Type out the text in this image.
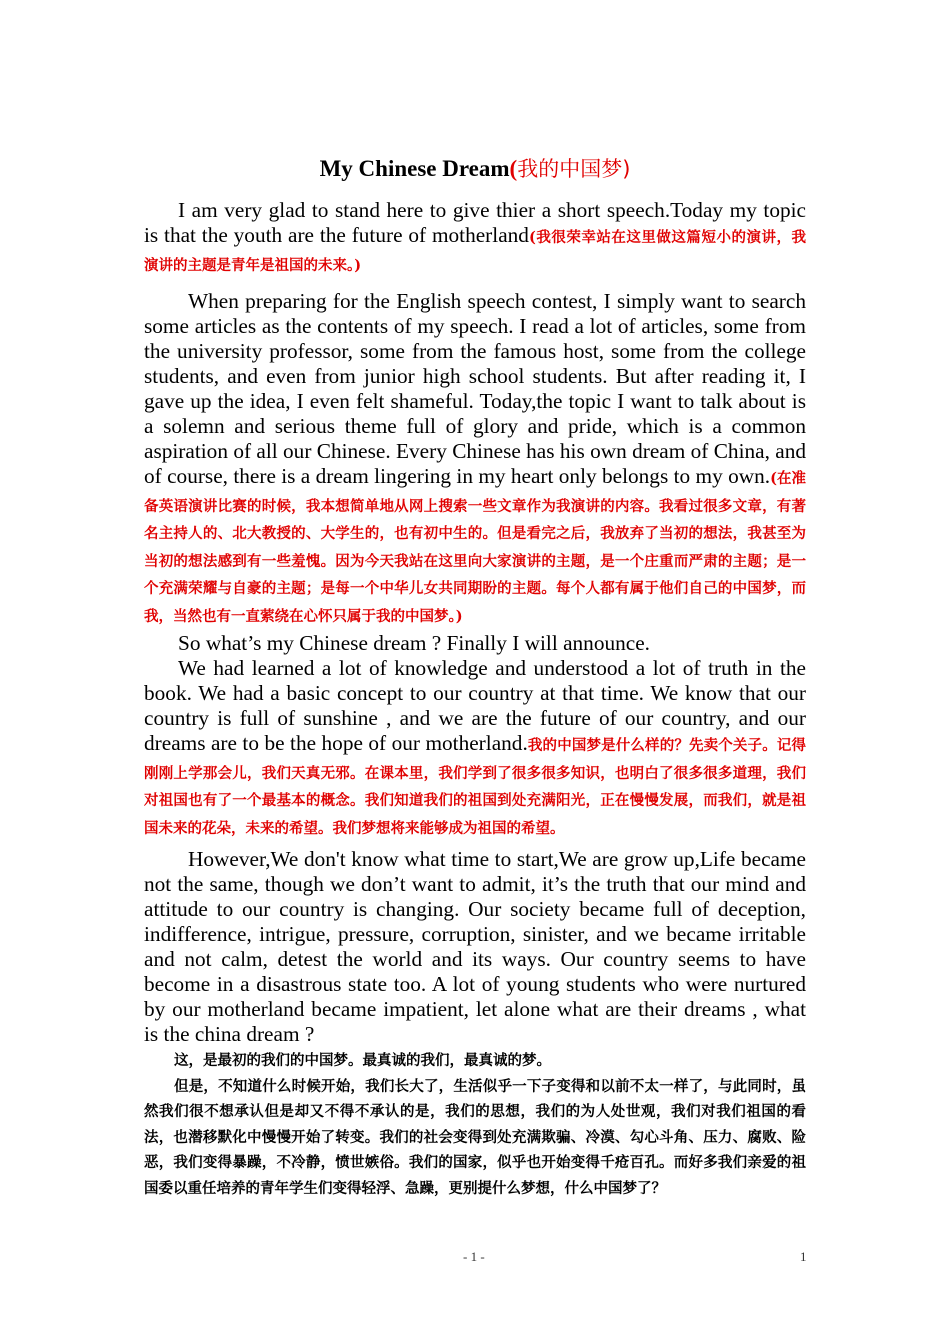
My Chinese Dream(我的中国梦)

I am very glad to stand here to give thier a short speech.Today my topic is that the youth are the future of motherland(我很荣幸站在这里做这篇短小的演讲，我演讲的主题是青年是祖国的未来。)

When preparing for the English speech contest, I simply want to search some articles as the contents of my speech. I read a lot of articles, some from the university professor, some from the famous host, some from the college students, and even from junior high school students. But after reading it, I gave up the idea, I even felt shameful. Today,the topic I want to talk about is a solemn and serious theme full of glory and pride, which is a common aspiration of all our Chinese. Every Chinese has his own dream of China, and of course, there is a dream lingering in my heart only belongs to my own.(在准备英语演讲比赛的时候，我本想简单地从网上搜索一些文章作为我演讲的内容。我看过很多文章，有著名主持人的、北大教授的、大学生的，也有初中生的。但是看完之后，我放弃了当初的想法，我甚至为当初的想法感到有一些羞愧。因为今天我站在这里向大家演讲的主题，是一个庄重而严肃的主题；是一个充满荣耀与自豪的主题；是每一个中华儿女共同期盼的主题。每个人都有属于他们自己的中国梦，而我，当然也有一直萦绕在心怀只属于我的中国梦。)

So what’s my Chinese dream ? Finally I will announce.

We had learned a lot of knowledge and understood a lot of truth in the book. We had a basic concept to our country at that time. We know that our country is full of sunshine , and we are the future of our country, and our dreams are to be the hope of our motherland.我的中国梦是什么样的？先卖个关子。记得刚刚上学那会儿，我们天真无邪。在课本里，我们学到了很多很多知识，也明白了很多很多道理，我们对祖国也有了一个最基本的概念。我们知道我们的祖国到处充满阳光，正在慢慢发展，而我们，就是祖国未来的花朵，未来的希望。我们梦想将来能够成为祖国的希望。

However,We don't know what time to start,We are grow up,Life became not the same, though we don’t want to admit, it’s the truth that our mind and attitude to our country is changing. Our society became full of deception, indifference, intrigue, pressure, corruption, sinister, and we became irritable and not calm, detest the world and its ways. Our country seems to have become in a disastrous state too. A lot of young students who were nurtured by our motherland became impatient, let alone what are their dreams , what is the china dream ?

这，是最初的我们的中国梦。最真诚的我们，最真诚的梦。

但是，不知道什么时候开始，我们长大了，生活似乎一下子变得和以前不太一样了，与此同时，虽然我们很不想承认但是却又不得不承认的是，我们的思想，我们的为人处世观，我们对我们祖国的看法，也潜移默化中慢慢开始了转变。我们的社会变得到处充满欺骗、冷漠、勾心斗角、压力、腐败、险恶，我们变得暴躁，不冷静，愤世嫉俗。我们的国家，似乎也开始变得千疮百孔。而好多我们亲爱的祖国委以重任培养的青年学生们变得轻浮、急躁，更别提什么梦想，什么中国梦了？

- 1 -	1
